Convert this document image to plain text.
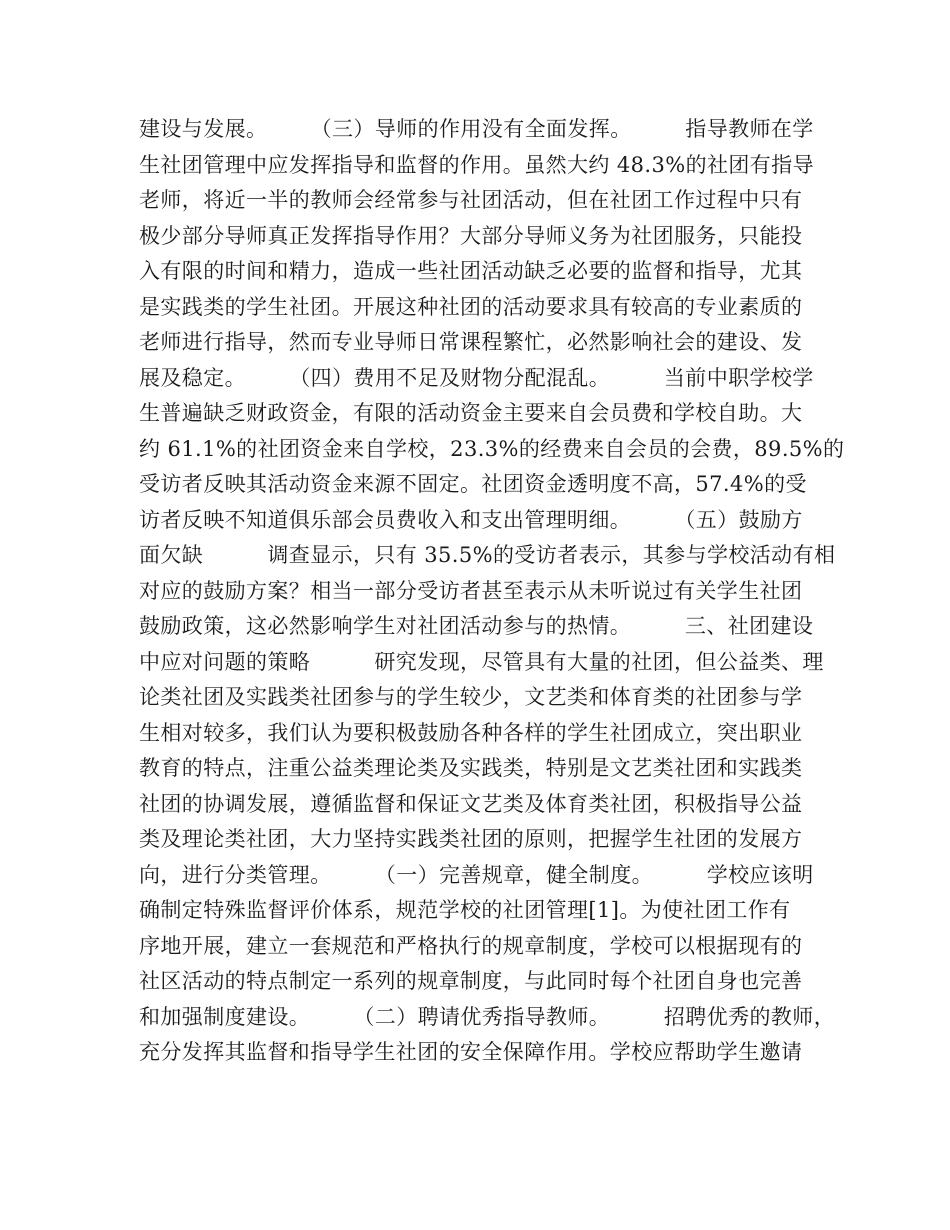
建设与发展。　　　（三）导师的作用没有全面发挥。　　　指导教师在学
生社团管理中应发挥指导和监督的作用。虽然大约 48.3%的社团有指导
老师，将近一半的教师会经常参与社团活动，但在社团工作过程中只有
极少部分导师真正发挥指导作用？大部分导师义务为社团服务，只能投
入有限的时间和精力，造成一些社团活动缺乏必要的监督和指导，尤其
是实践类的学生社团。开展这种社团的活动要求具有较高的专业素质的
老师进行指导，然而专业导师日常课程繁忙，必然影响社会的建设、发
展及稳定。　　　（四）费用不足及财物分配混乱。　　　当前中职学校学
生普遍缺乏财政资金，有限的活动资金主要来自会员费和学校自助。大
约 61.1%的社团资金来自学校，23.3%的经费来自会员的会费，89.5%的
受访者反映其活动资金来源不固定。社团资金透明度不高，57.4%的受
访者反映不知道俱乐部会员费收入和支出管理明细。　　　（五）鼓励方
面欠缺　　　调查显示，只有 35.5%的受访者表示，其参与学校活动有相
对应的鼓励方案？相当一部分受访者甚至表示从未听说过有关学生社团
鼓励政策，这必然影响学生对社团活动参与的热情。　　　三、社团建设
中应对问题的策略　　　研究发现，尽管具有大量的社团，但公益类、理
论类社团及实践类社团参与的学生较少，文艺类和体育类的社团参与学
生相对较多，我们认为要积极鼓励各种各样的学生社团成立，突出职业
教育的特点，注重公益类理论类及实践类，特别是文艺类社团和实践类
社团的协调发展，遵循监督和保证文艺类及体育类社团，积极指导公益
类及理论类社团，大力坚持实践类社团的原则，把握学生社团的发展方
向，进行分类管理。　　　（一）完善规章，健全制度。　　　学校应该明
确制定特殊监督评价体系，规范学校的社团管理[1]。为使社团工作有
序地开展，建立一套规范和严格执行的规章制度，学校可以根据现有的
社区活动的特点制定一系列的规章制度，与此同时每个社团自身也完善
和加强制度建设。　　　（二）聘请优秀指导教师。　　　招聘优秀的教师，
充分发挥其监督和指导学生社团的安全保障作用。学校应帮助学生邀请
